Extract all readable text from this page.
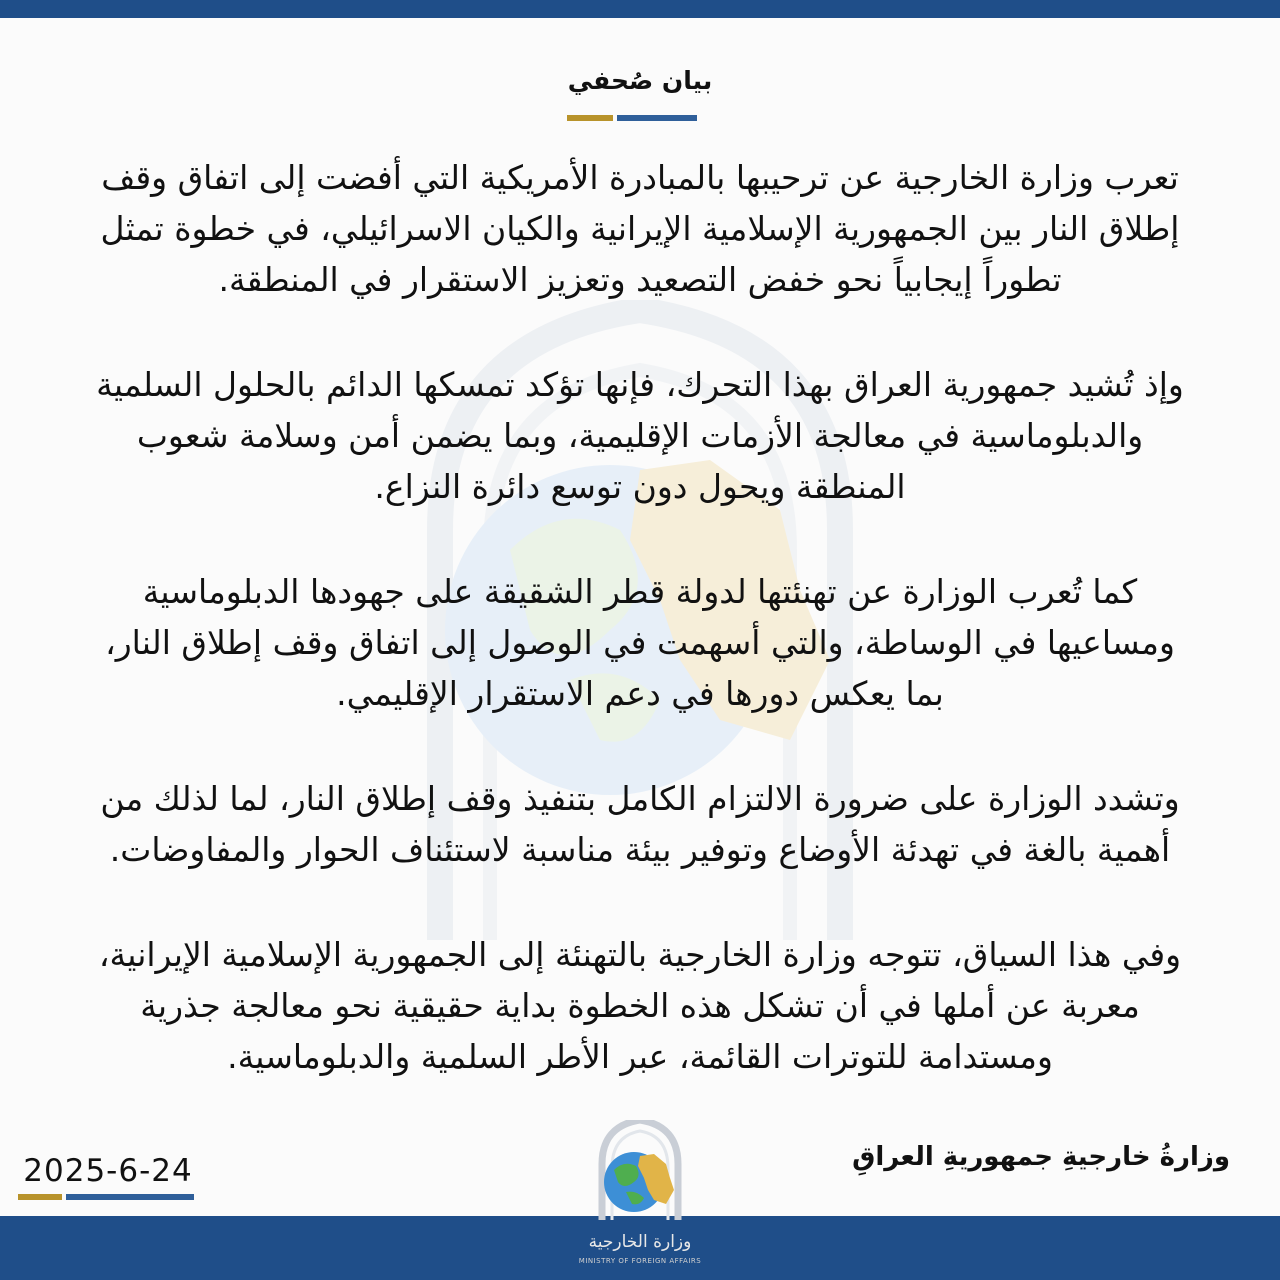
بيان صُحفي

تعرب وزارة الخارجية عن ترحيبها بالمبادرة الأمريكية التي أفضت إلى اتفاق وقف إطلاق النار بين الجمهورية الإسلامية الإيرانية والكيان الاسرائيلي، في خطوة تمثل تطوراً إيجابياً نحو خفض التصعيد وتعزيز الاستقرار في المنطقة.

وإذ تُشيد جمهورية العراق بهذا التحرك، فإنها تؤكد تمسكها الدائم بالحلول السلمية والدبلوماسية في معالجة الأزمات الإقليمية، وبما يضمن أمن وسلامة شعوب المنطقة ويحول دون توسع دائرة النزاع.

كما تُعرب الوزارة عن تهنئتها لدولة قطر الشقيقة على جهودها الدبلوماسية ومساعيها في الوساطة، والتي أسهمت في الوصول إلى اتفاق وقف إطلاق النار، بما يعكس دورها في دعم الاستقرار الإقليمي.

وتشدد الوزارة على ضرورة الالتزام الكامل بتنفيذ وقف إطلاق النار، لما لذلك من أهمية بالغة في تهدئة الأوضاع وتوفير بيئة مناسبة لاستئناف الحوار والمفاوضات.

وفي هذا السياق، تتوجه وزارة الخارجية بالتهنئة إلى الجمهورية الإسلامية الإيرانية، معربة عن أملها في أن تشكل هذه الخطوة بداية حقيقية نحو معالجة جذرية ومستدامة للتوترات القائمة، عبر الأطر السلمية والدبلوماسية.

وزارةُ خارجيةِ جمهوريةِ العراقِ
2025-6-24
وزارة الخارجية
MINISTRY OF FOREIGN AFFAIRS
